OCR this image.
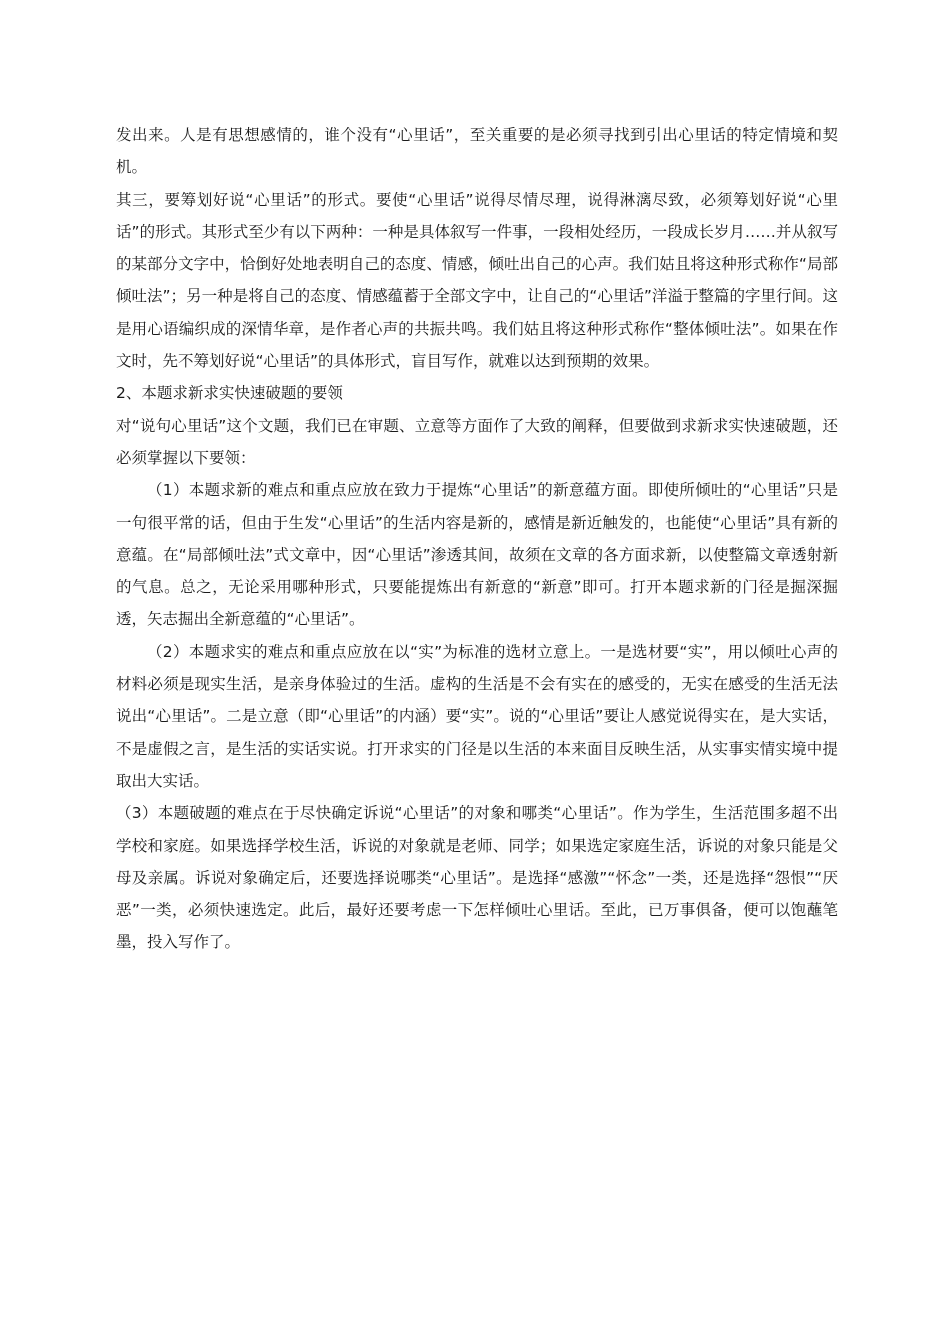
发出来。人是有思想感情的，谁个没有“心里话”，至关重要的是必须寻找到引出心里话的特定情境和契机。

其三，要筹划好说“心里话”的形式。要使“心里话”说得尽情尽理，说得淋漓尽致，必须筹划好说“心里话”的形式。其形式至少有以下两种：一种是具体叙写一件事，一段相处经历，一段成长岁月……并从叙写的某部分文字中，恰倒好处地表明自己的态度、情感，倾吐出自己的心声。我们姑且将这种形式称作“局部倾吐法”；另一种是将自己的态度、情感蕴蓄于全部文字中，让自己的“心里话”洋溢于整篇的字里行间。这是用心语编织成的深情华章，是作者心声的共振共鸣。我们姑且将这种形式称作“整体倾吐法”。如果在作文时，先不筹划好说“心里话”的具体形式，盲目写作，就难以达到预期的效果。

2、本题求新求实快速破题的要领

对“说句心里话”这个文题，我们已在审题、立意等方面作了大致的阐释，但要做到求新求实快速破题，还必须掌握以下要领：

（1）本题求新的难点和重点应放在致力于提炼“心里话”的新意蕴方面。即使所倾吐的“心里话”只是一句很平常的话，但由于生发“心里话”的生活内容是新的，感情是新近触发的，也能使“心里话”具有新的意蕴。在“局部倾吐法”式文章中，因“心里话”渗透其间，故须在文章的各方面求新，以使整篇文章透射新的气息。总之，无论采用哪种形式，只要能提炼出有新意的“新意”即可。打开本题求新的门径是掘深掘透，矢志掘出全新意蕴的“心里话”。

（2）本题求实的难点和重点应放在以“实”为标准的选材立意上。一是选材要“实”，用以倾吐心声的材料必须是现实生活，是亲身体验过的生活。虚构的生活是不会有实在的感受的，无实在感受的生活无法说出“心里话”。二是立意（即“心里话”的内涵）要“实”。说的“心里话”要让人感觉说得实在，是大实话，不是虚假之言，是生活的实话实说。打开求实的门径是以生活的本来面目反映生活，从实事实情实境中提取出大实话。

（3）本题破题的难点在于尽快确定诉说“心里话”的对象和哪类“心里话”。作为学生，生活范围多超不出学校和家庭。如果选择学校生活，诉说的对象就是老师、同学；如果选定家庭生活，诉说的对象只能是父母及亲属。诉说对象确定后，还要选择说哪类“心里话”。是选择“感激”“怀念”一类，还是选择“怨恨”“厌恶”一类，必须快速选定。此后，最好还要考虑一下怎样倾吐心里话。至此，已万事俱备，便可以饱蘸笔墨，投入写作了。
